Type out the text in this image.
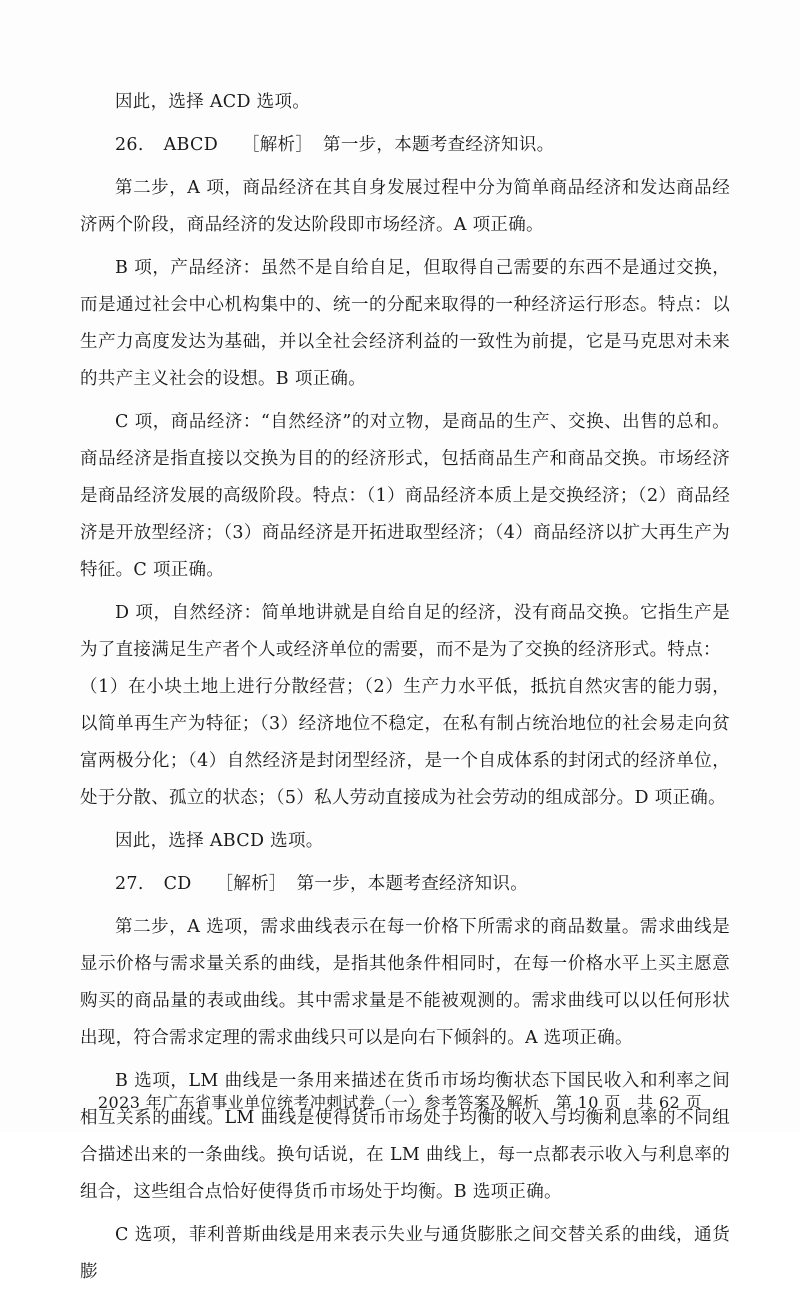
因此，选择 ACD 选项。

26. ABCD ［解析］ 第一步，本题考查经济知识。

第二步，A 项，商品经济在其自身发展过程中分为简单商品经济和发达商品经济两个阶段，商品经济的发达阶段即市场经济。A 项正确。

B 项，产品经济：虽然不是自给自足，但取得自己需要的东西不是通过交换，而是通过社会中心机构集中的、统一的分配来取得的一种经济运行形态。特点：以生产力高度发达为基础，并以全社会经济利益的一致性为前提，它是马克思对未来的共产主义社会的设想。B 项正确。

C 项，商品经济：“自然经济”的对立物，是商品的生产、交换、出售的总和。商品经济是指直接以交换为目的的经济形式，包括商品生产和商品交换。市场经济是商品经济发展的高级阶段。特点：（1）商品经济本质上是交换经济；（2）商品经济是开放型经济；（3）商品经济是开拓进取型经济；（4）商品经济以扩大再生产为特征。C 项正确。

D 项，自然经济：简单地讲就是自给自足的经济，没有商品交换。它指生产是为了直接满足生产者个人或经济单位的需要，而不是为了交换的经济形式。特点：

（1）在小块土地上进行分散经营；（2）生产力水平低，抵抗自然灾害的能力弱，以简单再生产为特征；（3）经济地位不稳定，在私有制占统治地位的社会易走向贫富两极分化；（4）自然经济是封闭型经济，是一个自成体系的封闭式的经济单位，处于分散、孤立的状态；（5）私人劳动直接成为社会劳动的组成部分。D 项正确。

因此，选择 ABCD 选项。

27. CD ［解析］ 第一步，本题考查经济知识。

第二步，A 选项，需求曲线表示在每一价格下所需求的商品数量。需求曲线是显示价格与需求量关系的曲线，是指其他条件相同时，在每一价格水平上买主愿意购买的商品量的表或曲线。其中需求量是不能被观测的。需求曲线可以以任何形状出现，符合需求定理的需求曲线只可以是向右下倾斜的。A 选项正确。

B 选项，LM 曲线是一条用来描述在货币市场均衡状态下国民收入和利率之间相互关系的曲线。LM 曲线是使得货币市场处于均衡的收入与均衡利息率的不同组合描述出来的一条曲线。换句话说，在 LM 曲线上，每一点都表示收入与利息率的组合，这些组合点恰好使得货币市场处于均衡。B 选项正确。

C 选项，菲利普斯曲线是用来表示失业与通货膨胀之间交替关系的曲线，通货膨

2023 年广东省事业单位统考冲刺试卷（一）参考答案及解析　第 10 页　共 62 页
